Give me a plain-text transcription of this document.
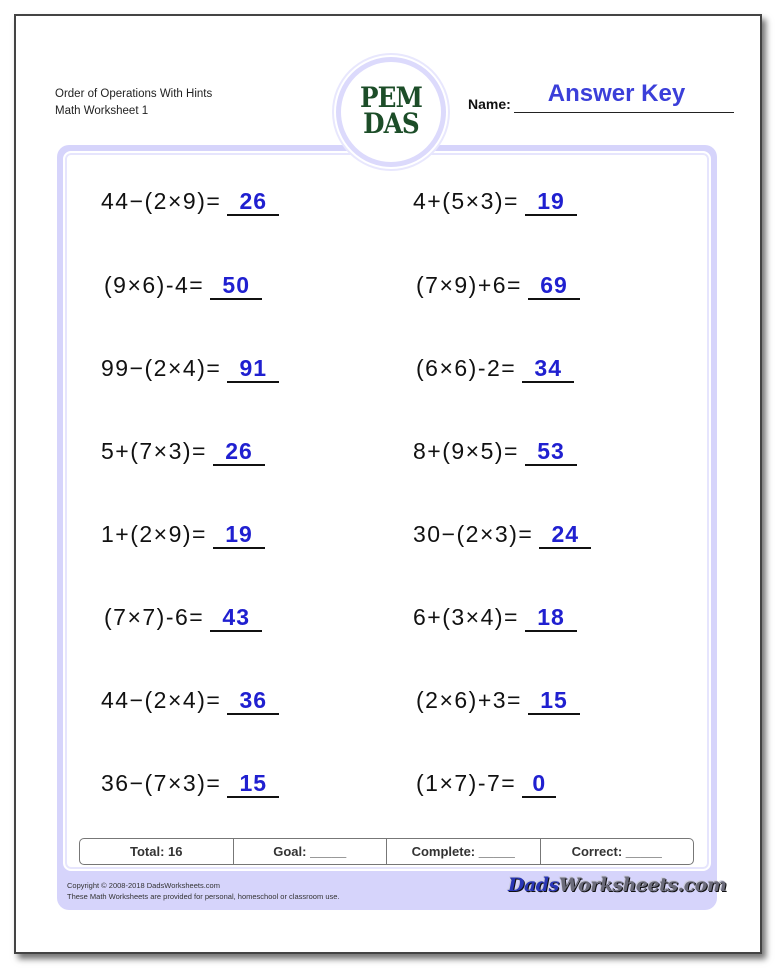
Order of Operations With Hints
Math Worksheet 1	PEM
DAS
Name:	Answer Key
44−(2×9)= 26	4+(5×3)= 19
(9×6)-4= 50	(7×9)+6= 69
99−(2×4)= 91	(6×6)-2= 34
5+(7×3)= 26	8+(9×5)= 53
1+(2×9)= 19	30−(2×3)= 24
(7×7)-6= 43	6+(3×4)= 18
44−(2×4)= 36	(2×6)+3= 15
36−(7×3)= 15	(1×7)-7= 0
Total: 16	Goal: _____	Complete: _____	Correct: _____
Copyright © 2008-2018 DadsWorksheets.com
These Math Worksheets are provided for personal, homeschool or classroom use.
DadsWorksheets.com
